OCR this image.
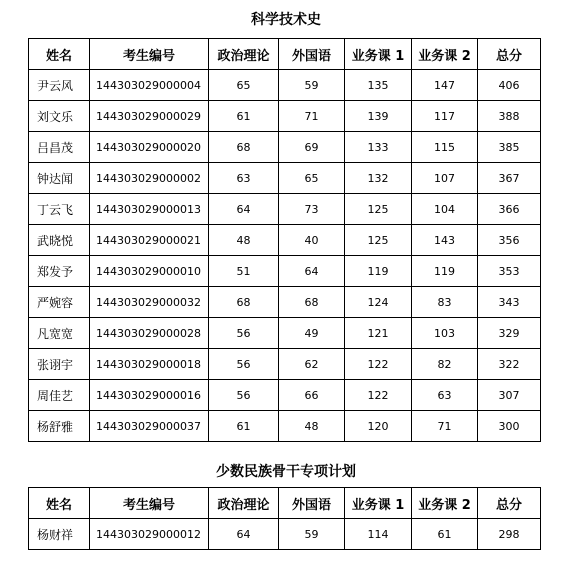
科学技术史
姓名	考生编号	政治理论	外国语	业务课 1	业务课 2	总分
尹云风	144303029000004	65	59	135	147	406
刘文乐	144303029000029	61	71	139	117	388
吕昌茂	144303029000020	68	69	133	115	385
钟达闻	144303029000002	63	65	132	107	367
丁云飞	144303029000013	64	73	125	104	366
武晓悦	144303029000021	48	40	125	143	356
郑发予	144303029000010	51	64	119	119	353
严婉容	144303029000032	68	68	124	83	343
凡宽宽	144303029000028	56	49	121	103	329
张诩宇	144303029000018	56	62	122	82	322
周佳艺	144303029000016	56	66	122	63	307
杨舒雅	144303029000037	61	48	120	71	300
少数民族骨干专项计划
姓名	考生编号	政治理论	外国语	业务课 1	业务课 2	总分
杨财祥	144303029000012	64	59	114	61	298
